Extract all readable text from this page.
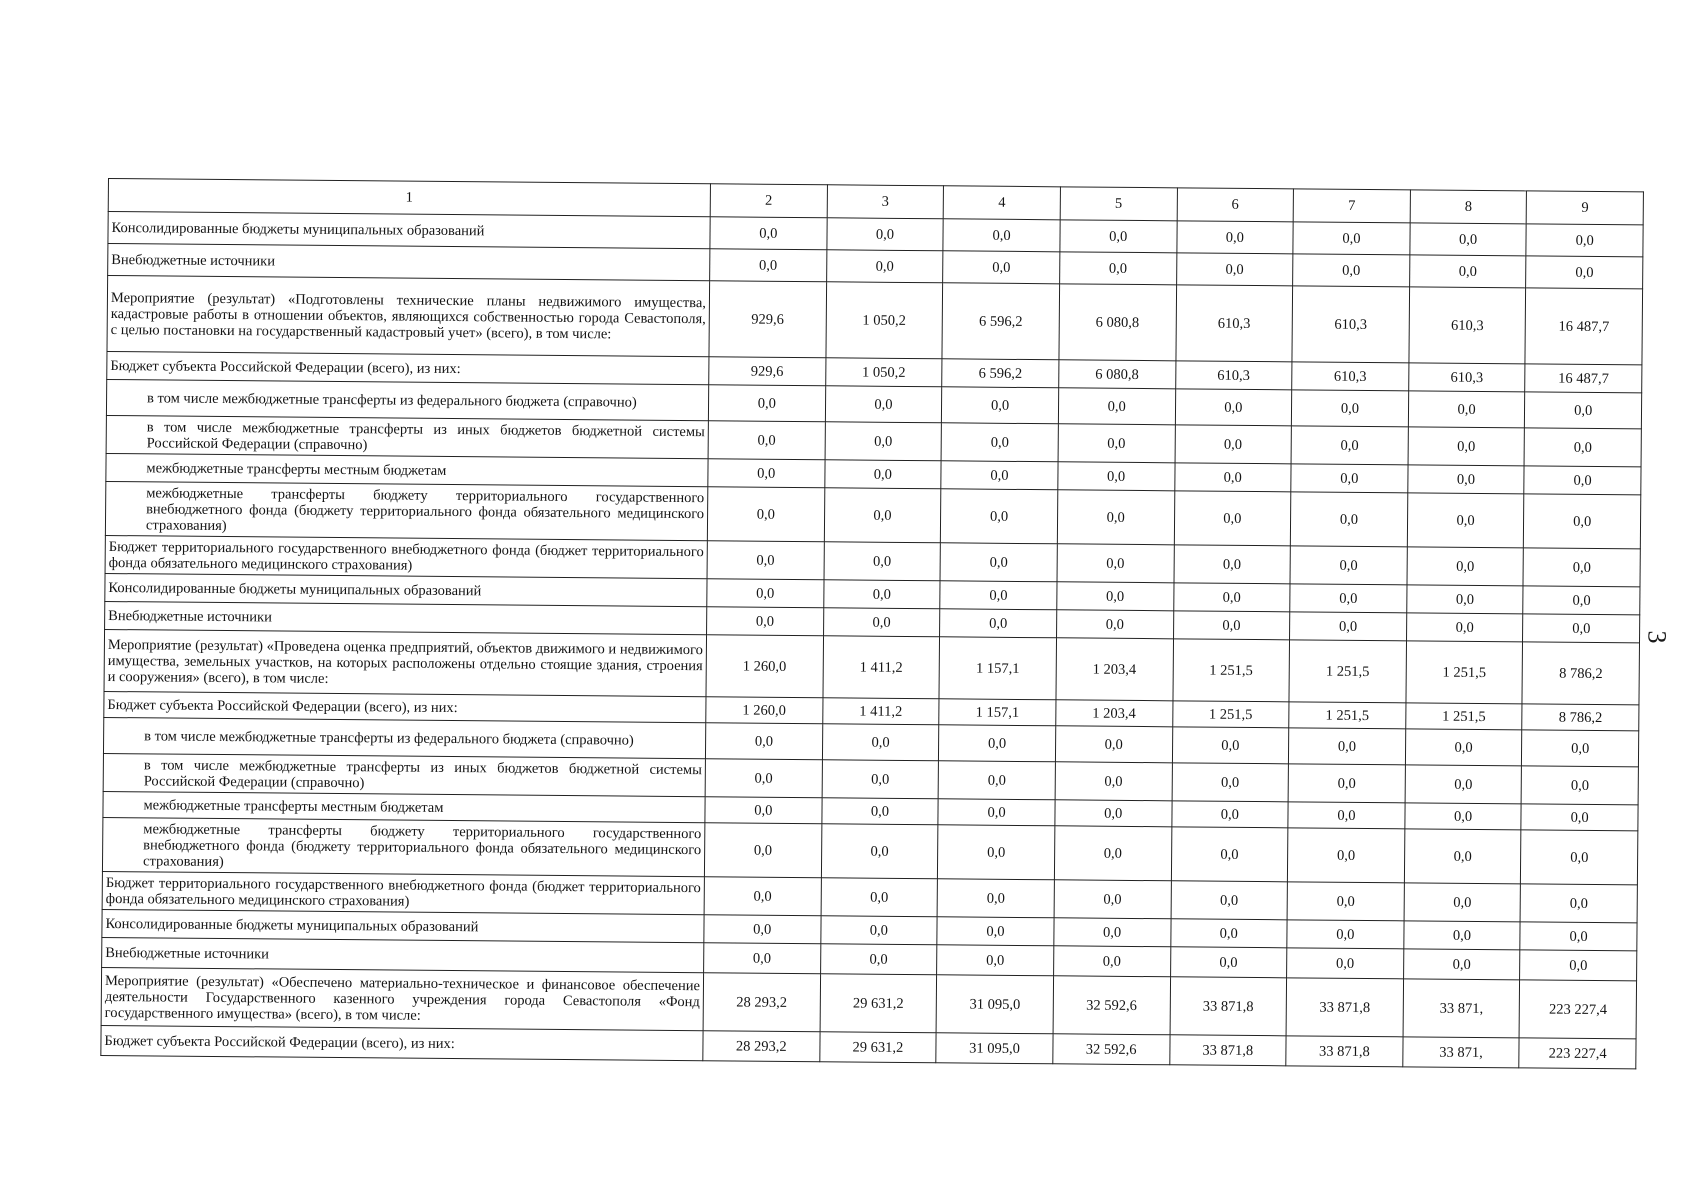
3
1	2	3	4	5	6	7	8	9
Консолидированные бюджеты муниципальных образований	0,0	0,0	0,0	0,0	0,0	0,0	0,0	0,0
Внебюджетные источники	0,0	0,0	0,0	0,0	0,0	0,0	0,0	0,0
Мероприятие (результат) «Подготовлены технические планы недвижимого имущества, кадастровые работы в отношении объектов, являющихся собственностью города Севастополя, с целью постановки на государственный кадастровый учет» (всего), в том числе:	929,6	1 050,2	6 596,2	6 080,8	610,3	610,3	610,3	16 487,7
Бюджет субъекта Российской Федерации (всего), из них:	929,6	1 050,2	6 596,2	6 080,8	610,3	610,3	610,3	16 487,7
в том числе межбюджетные трансферты из федерального бюджета (справочно)	0,0	0,0	0,0	0,0	0,0	0,0	0,0	0,0
в том числе межбюджетные трансферты из иных бюджетов бюджетной системы Российской Федерации (справочно)	0,0	0,0	0,0	0,0	0,0	0,0	0,0	0,0
межбюджетные трансферты местным бюджетам	0,0	0,0	0,0	0,0	0,0	0,0	0,0	0,0
межбюджетные трансферты бюджету территориального государственного внебюджетного фонда (бюджету территориального фонда обязательного медицинского страхования)	0,0	0,0	0,0	0,0	0,0	0,0	0,0	0,0
Бюджет территориального государственного внебюджетного фонда (бюджет территориального фонда обязательного медицинского страхования)	0,0	0,0	0,0	0,0	0,0	0,0	0,0	0,0
Консолидированные бюджеты муниципальных образований	0,0	0,0	0,0	0,0	0,0	0,0	0,0	0,0
Внебюджетные источники	0,0	0,0	0,0	0,0	0,0	0,0	0,0	0,0
Мероприятие (результат) «Проведена оценка предприятий, объектов движимого и недвижимого имущества, земельных участков, на которых расположены отдельно стоящие здания, строения и сооружения» (всего), в том числе:	1 260,0	1 411,2	1 157,1	1 203,4	1 251,5	1 251,5	1 251,5	8 786,2
Бюджет субъекта Российской Федерации (всего), из них:	1 260,0	1 411,2	1 157,1	1 203,4	1 251,5	1 251,5	1 251,5	8 786,2
в том числе межбюджетные трансферты из федерального бюджета (справочно)	0,0	0,0	0,0	0,0	0,0	0,0	0,0	0,0
в том числе межбюджетные трансферты из иных бюджетов бюджетной системы Российской Федерации (справочно)	0,0	0,0	0,0	0,0	0,0	0,0	0,0	0,0
межбюджетные трансферты местным бюджетам	0,0	0,0	0,0	0,0	0,0	0,0	0,0	0,0
межбюджетные трансферты бюджету территориального государственного внебюджетного фонда (бюджету территориального фонда обязательного медицинского страхования)	0,0	0,0	0,0	0,0	0,0	0,0	0,0	0,0
Бюджет территориального государственного внебюджетного фонда (бюджет территориального фонда обязательного медицинского страхования)	0,0	0,0	0,0	0,0	0,0	0,0	0,0	0,0
Консолидированные бюджеты муниципальных образований	0,0	0,0	0,0	0,0	0,0	0,0	0,0	0,0
Внебюджетные источники	0,0	0,0	0,0	0,0	0,0	0,0	0,0	0,0
Мероприятие (результат) «Обеспечено материально-техническое и финансовое обеспечение деятельности Государственного казенного учреждения города Севастополя «Фонд государственного имущества» (всего), в том числе:	28 293,2	29 631,2	31 095,0	32 592,6	33 871,8	33 871,8	33 871,	223 227,4
Бюджет субъекта Российской Федерации (всего), из них:	28 293,2	29 631,2	31 095,0	32 592,6	33 871,8	33 871,8	33 871,	223 227,4
